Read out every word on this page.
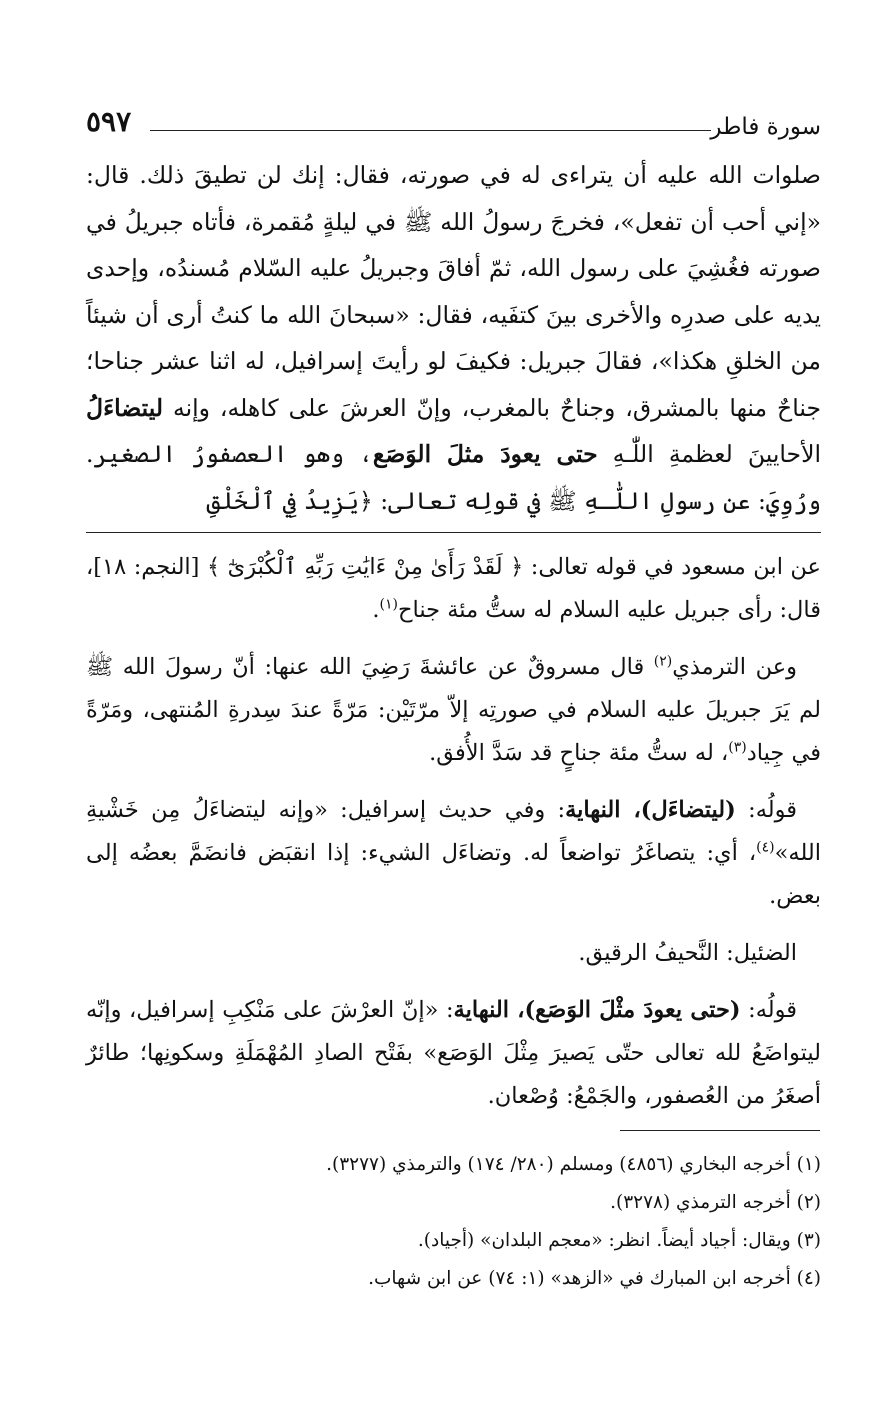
٥٩٧	سورة فاطر

صلوات الله عليه أن يتراءى له في صورته، فقال: إنك لن تطيقَ ذلك. قال: «إني أحب أن تفعل»، فخرجَ رسولُ الله ﷺ في ليلةٍ مُقمرة، فأتاه جبريلُ في صورته فغُشِيَ على رسول الله، ثمّ أفاقَ وجبريلُ عليه السّلام مُسندُه، وإحدى يديه على صدرِه والأخرى بينَ كتفَيه، فقال: «سبحانَ الله ما كنتُ أرى أن شيئاً من الخلقِ هكذا»، فقالَ جبريل: فكيفَ لو رأيتَ إسرافيل، له اثنا عشر جناحا؛ جناحٌ منها بالمشرق، وجناحٌ بالمغرب، وإنّ العرشَ على كاهله، وإنه ليتضاءَلُ الأحايينَ لعظمةِ اللّٰـهِ حتى يعودَ مثلَ الوَصَع، وهو العصفورُ الصغير. ورُوِيَ: عن رسولِ اللّٰـهِ ﷺ في قولِه تعالى: ﴿يَزِيدُ فِي ٱلْخَلْقِ

عن ابن مسعود في قوله تعالى: ﴿ لَقَدْ رَأَىٰ مِنْ ءَايَٰتِ رَبِّهِ ٱلْكُبْرَىٰٓ ﴾ [النجم: ١٨]، قال: رأى جبريل عليه السلام له ستُّ مئة جناح$^{(١)}$.

وعن الترمذي$^{(٢)}$ قال مسروقٌ عن عائشةَ رَضِيَ الله عنها: أنّ رسولَ الله ﷺ لم يَرَ جبريلَ عليه السلام في صورتِه إلاّ مرّتَيْن: مَرّةً عندَ سِدرةِ المُنتهى، ومَرّةً في جِياد$^{(٣)}$، له ستُّ مئة جناحٍ قد سَدَّ الأُفق.

قولُه: (ليتضاءَل)، النهاية: وفي حديث إسرافيل: «وإنه ليتضاءَلُ مِن خَشْيةِ الله»$^{(٤)}$، أي: يتصاغَرُ تواضعاً له. وتضاءَل الشيء: إذا انقبَض فانضَمَّ بعضُه إلى بعض.

الضئيل: النَّحيفُ الرقيق.

قولُه: (حتى يعودَ مثْلَ الوَصَع)، النهاية: «إنّ العرْشَ على مَنْكِبِ إسرافيل، وإنّه ليتواضَعُ لله تعالى حتّى يَصيرَ مِثْلَ الوَصَع» بفَتْح الصادِ المُهْمَلَةِ وسكونِها؛ طائرٌ أصغَرُ من العُصفور، والجَمْعُ: وُصْعان.

(١) أخرجه البخاري (٤٨٥٦) ومسلم (٢٨٠/ ١٧٤) والترمذي (٣٢٧٧).
(٢) أخرجه الترمذي (٣٢٧٨).
(٣) ويقال: أجياد أيضاً. انظر: «معجم البلدان» (أجياد).
(٤) أخرجه ابن المبارك في «الزهد» (١: ٧٤) عن ابن شهاب.
